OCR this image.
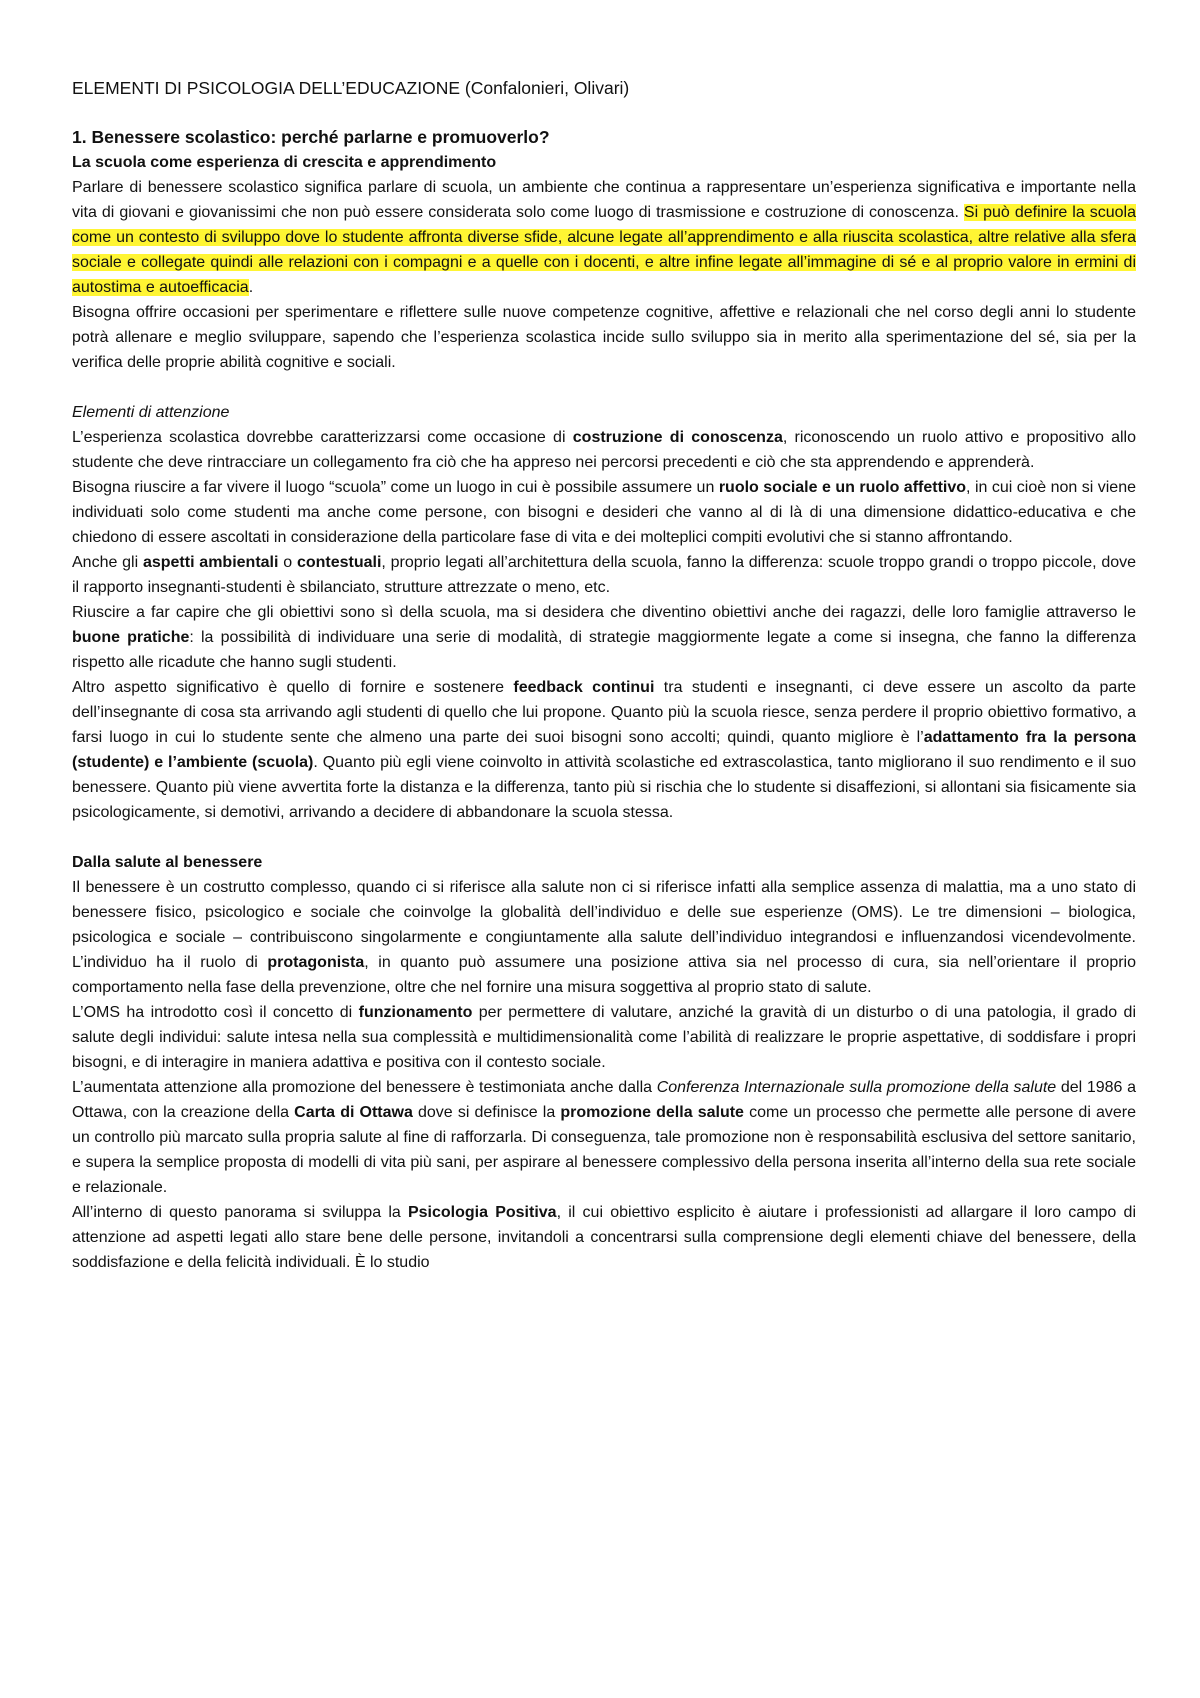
ELEMENTI DI PSICOLOGIA DELL’EDUCAZIONE (Confalonieri, Olivari)
1. Benessere scolastico: perché parlarne e promuoverlo?
La scuola come esperienza di crescita e apprendimento

Parlare di benessere scolastico significa parlare di scuola, un ambiente che continua a rappresentare un’esperienza significativa e importante nella vita di giovani e giovanissimi che non può essere considerata solo come luogo di trasmissione e costruzione di conoscenza. Si può definire la scuola come un contesto di sviluppo dove lo studente affronta diverse sfide, alcune legate all’apprendimento e alla riuscita scolastica, altre relative alla sfera sociale e collegate quindi alle relazioni con i compagni e a quelle con i docenti, e altre infine legate all’immagine di sé e al proprio valore in ermini di autostima e autoefficacia.

Bisogna offrire occasioni per sperimentare e riflettere sulle nuove competenze cognitive, affettive e relazionali che nel corso degli anni lo studente potrà allenare e meglio sviluppare, sapendo che l’esperienza scolastica incide sullo sviluppo sia in merito alla sperimentazione del sé, sia per la verifica delle proprie abilità cognitive e sociali.

Elementi di attenzione

L’esperienza scolastica dovrebbe caratterizzarsi come occasione di costruzione di conoscenza, riconoscendo un ruolo attivo e propositivo allo studente che deve rintracciare un collegamento fra ciò che ha appreso nei percorsi precedenti e ciò che sta apprendendo e apprenderà.

Bisogna riuscire a far vivere il luogo “scuola” come un luogo in cui è possibile assumere un ruolo sociale e un ruolo affettivo, in cui cioè non si viene individuati solo come studenti ma anche come persone, con bisogni e desideri che vanno al di là di una dimensione didattico-educativa e che chiedono di essere ascoltati in considerazione della particolare fase di vita e dei molteplici compiti evolutivi che si stanno affrontando.

Anche gli aspetti ambientali o contestuali, proprio legati all’architettura della scuola, fanno la differenza: scuole troppo grandi o troppo piccole, dove il rapporto insegnanti-studenti è sbilanciato, strutture attrezzate o meno, etc.

Riuscire a far capire che gli obiettivi sono sì della scuola, ma si desidera che diventino obiettivi anche dei ragazzi, delle loro famiglie attraverso le buone pratiche: la possibilità di individuare una serie di modalità, di strategie maggiormente legate a come si insegna, che fanno la differenza rispetto alle ricadute che hanno sugli studenti.

Altro aspetto significativo è quello di fornire e sostenere feedback continui tra studenti e insegnanti, ci deve essere un ascolto da parte dell’insegnante di cosa sta arrivando agli studenti di quello che lui propone. Quanto più la scuola riesce, senza perdere il proprio obiettivo formativo, a farsi luogo in cui lo studente sente che almeno una parte dei suoi bisogni sono accolti; quindi, quanto migliore è l’adattamento fra la persona (studente) e l’ambiente (scuola). Quanto più egli viene coinvolto in attività scolastiche ed extrascolastica, tanto migliorano il suo rendimento e il suo benessere. Quanto più viene avvertita forte la distanza e la differenza, tanto più si rischia che lo studente si disaffezioni, si allontani sia fisicamente sia psicologicamente, si demotivi, arrivando a decidere di abbandonare la scuola stessa.

Dalla salute al benessere

Il benessere è un costrutto complesso, quando ci si riferisce alla salute non ci si riferisce infatti alla semplice assenza di malattia, ma a uno stato di benessere fisico, psicologico e sociale che coinvolge la globalità dell’individuo e delle sue esperienze (OMS). Le tre dimensioni – biologica, psicologica e sociale – contribuiscono singolarmente e congiuntamente alla salute dell’individuo integrandosi e influenzandosi vicendevolmente. L’individuo ha il ruolo di protagonista, in quanto può assumere una posizione attiva sia nel processo di cura, sia nell’orientare il proprio comportamento nella fase della prevenzione, oltre che nel fornire una misura soggettiva al proprio stato di salute.

L’OMS ha introdotto così il concetto di funzionamento per permettere di valutare, anziché la gravità di un disturbo o di una patologia, il grado di salute degli individui: salute intesa nella sua complessità e multidimensionalità come l’abilità di realizzare le proprie aspettative, di soddisfare i propri bisogni, e di interagire in maniera adattiva e positiva con il contesto sociale.

L’aumentata attenzione alla promozione del benessere è testimoniata anche dalla Conferenza Internazionale sulla promozione della salute del 1986 a Ottawa, con la creazione della Carta di Ottawa dove si definisce la promozione della salute come un processo che permette alle persone di avere un controllo più marcato sulla propria salute al fine di rafforzarla. Di conseguenza, tale promozione non è responsabilità esclusiva del settore sanitario, e supera la semplice proposta di modelli di vita più sani, per aspirare al benessere complessivo della persona inserita all’interno della sua rete sociale e relazionale.

All’interno di questo panorama si sviluppa la Psicologia Positiva, il cui obiettivo esplicito è aiutare i professionisti ad allargare il loro campo di attenzione ad aspetti legati allo stare bene delle persone, invitandoli a concentrarsi sulla comprensione degli elementi chiave del benessere, della soddisfazione e della felicità individuali. È lo studio
